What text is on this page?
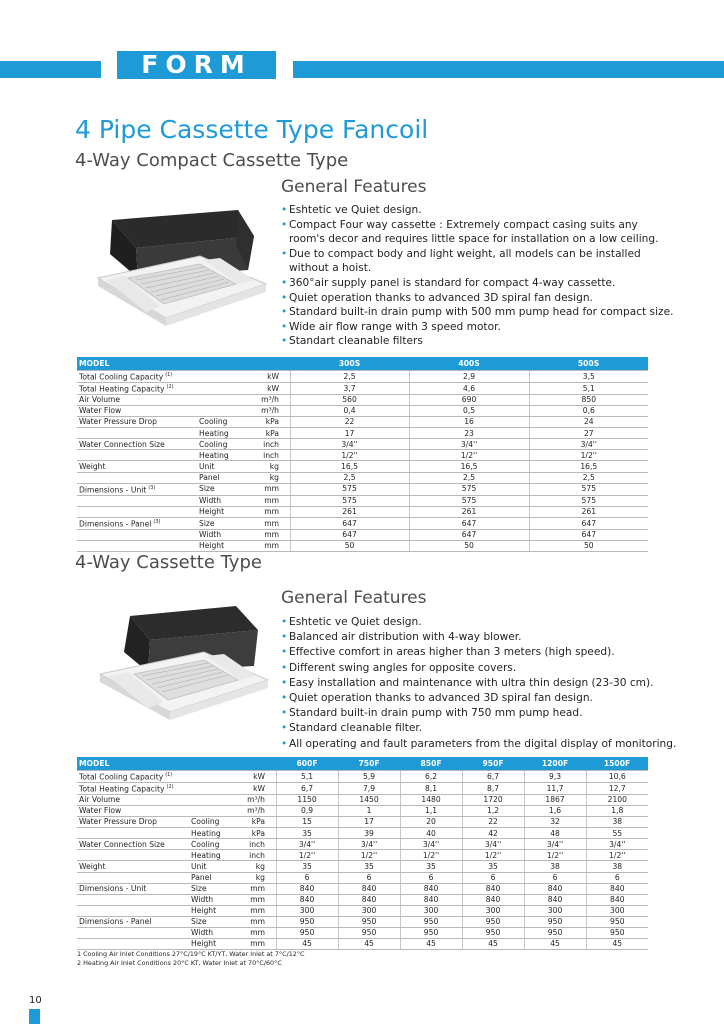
FORM
4 Pipe Cassette Type Fancoil
4-Way Compact Cassette Type
General Features
• Eshtetic ve Quiet design.
• Compact Four way cassette : Extremely compact casing suits any
room's decor and requires little space for installation on a low ceiling.
• Due to compact body and light weight, all models can be installed
without a hoist.
• 360°air supply panel is standard for compact 4-way cassette.
• Quiet operation thanks to advanced 3D spiral fan design.
• Standard built-in drain pump with 500 mm pump head for compact size.
• Wide air flow range with 3 speed motor.
• Standart cleanable filters
MODEL				300S	400S	500S
Total Cooling Capacity $^{(1)}$		kW		2,5	2,9	3,5
Total Heating Capacity $^{(2)}$		kW		3,7	4,6	5,1
Air Volume		m³/h		560	690	850
Water Flow		m³/h		0,4	0,5	0,6
Water Pressure Drop	Cooling	kPa		22	16	24
	Heating	kPa		17	23	27
Water Connection Size	Cooling	inch		3/4''	3/4''	3/4''
	Heating	inch		1/2''	1/2''	1/2''
Weight	Unit	kg		16,5	16,5	16,5
	Panel	kg		2,5	2,5	2,5
Dimensions - Unit $^{(3)}$	Size	mm		575	575	575
	Width	mm		575	575	575
	Height	mm		261	261	261
Dimensions - Panel $^{(3)}$	Size	mm		647	647	647
	Width	mm		647	647	647
	Height	mm		50	50	50
4-Way Cassette Type
General Features
• Eshtetic ve Quiet design.
• Balanced air distribution with 4-way blower.
• Effective comfort in areas higher than 3 meters (high speed).
• Different swing angles for opposite covers.
• Easy installation and maintenance with ultra thin design (23-30 cm).
• Quiet operation thanks to advanced 3D spiral fan design.
• Standard built-in drain pump with 750 mm pump head.
• Standard cleanable filter.
• All operating and fault parameters from the digital display of monitoring.
MODEL				600F	750F	850F	950F	1200F	1500F
Total Cooling Capacity $^{(1)}$		kW		5,1	5,9	6,2	6,7	9,3	10,6
Total Heating Capacity $^{(2)}$		kW		6,7	7,9	8,1	8,7	11,7	12,7
Air Volume		m³/h		1150	1450	1480	1720	1867	2100
Water Flow		m³/h		0,9	1	1,1	1,2	1,6	1,8
Water Pressure Drop	Cooling	kPa		15	17	20	22	32	38
	Heating	kPa		35	39	40	42	48	55
Water Connection Size	Cooling	inch		3/4''	3/4''	3/4''	3/4''	3/4''	3/4''
	Heating	inch		1/2''	1/2''	1/2''	1/2''	1/2''	1/2''
Weight	Unit	kg		35	35	35	35	38	38
	Panel	kg		6	6	6	6	6	6
Dimensions - Unit	Size	mm		840	840	840	840	840	840
	Width	mm		840	840	840	840	840	840
	Height	mm		300	300	300	300	300	300
Dimensions - Panel	Size	mm		950	950	950	950	950	950
	Width	mm		950	950	950	950	950	950
	Height	mm		45	45	45	45	45	45
1 Cooling Air Inlet Conditions 27°C/19°C KT/YT, Water Inlet at 7°C/12°C
2 Heating Air Inlet Conditions 20°C KT, Water Inlet at 70°C/60°C
10
